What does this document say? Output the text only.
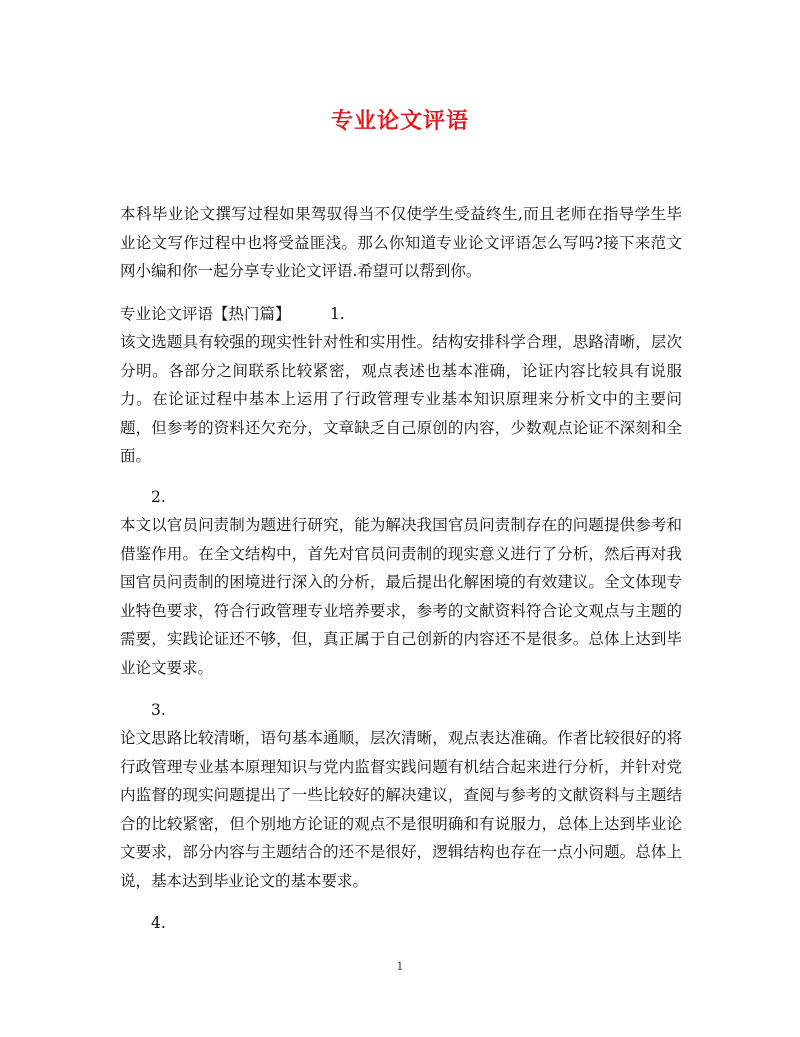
专业论文评语
本科毕业论文撰写过程如果驾驭得当不仅使学生受益终生,而且老师在指导学生毕业论文写作过程中也将受益匪浅。那么你知道专业论文评语怎么写吗?接下来范文网小编和你一起分享专业论文评语.希望可以帮到你。
专业论文评语【热门篇】	1.
该文选题具有较强的现实性针对性和实用性。结构安排科学合理，思路清晰，层次分明。各部分之间联系比较紧密，观点表述也基本准确，论证内容比较具有说服力。在论证过程中基本上运用了行政管理专业基本知识原理来分析文中的主要问题，但参考的资料还欠充分，文章缺乏自己原创的内容，少数观点论证不深刻和全面。
2.
本文以官员问责制为题进行研究，能为解决我国官员问责制存在的问题提供参考和借鉴作用。在全文结构中，首先对官员问责制的现实意义进行了分析，然后再对我国官员问责制的困境进行深入的分析，最后提出化解困境的有效建议。全文体现专业特色要求，符合行政管理专业培养要求，参考的文献资料符合论文观点与主题的需要，实践论证还不够，但，真正属于自己创新的内容还不是很多。总体上达到毕业论文要求。
3.
论文思路比较清晰，语句基本通顺，层次清晰，观点表达准确。作者比较很好的将行政管理专业基本原理知识与党内监督实践问题有机结合起来进行分析，并针对党内监督的现实问题提出了一些比较好的解决建议，查阅与参考的文献资料与主题结合的比较紧密，但个别地方论证的观点不是很明确和有说服力，总体上达到毕业论文要求，部分内容与主题结合的还不是很好，逻辑结构也存在一点小问题。总体上说，基本达到毕业论文的基本要求。
4.
1
